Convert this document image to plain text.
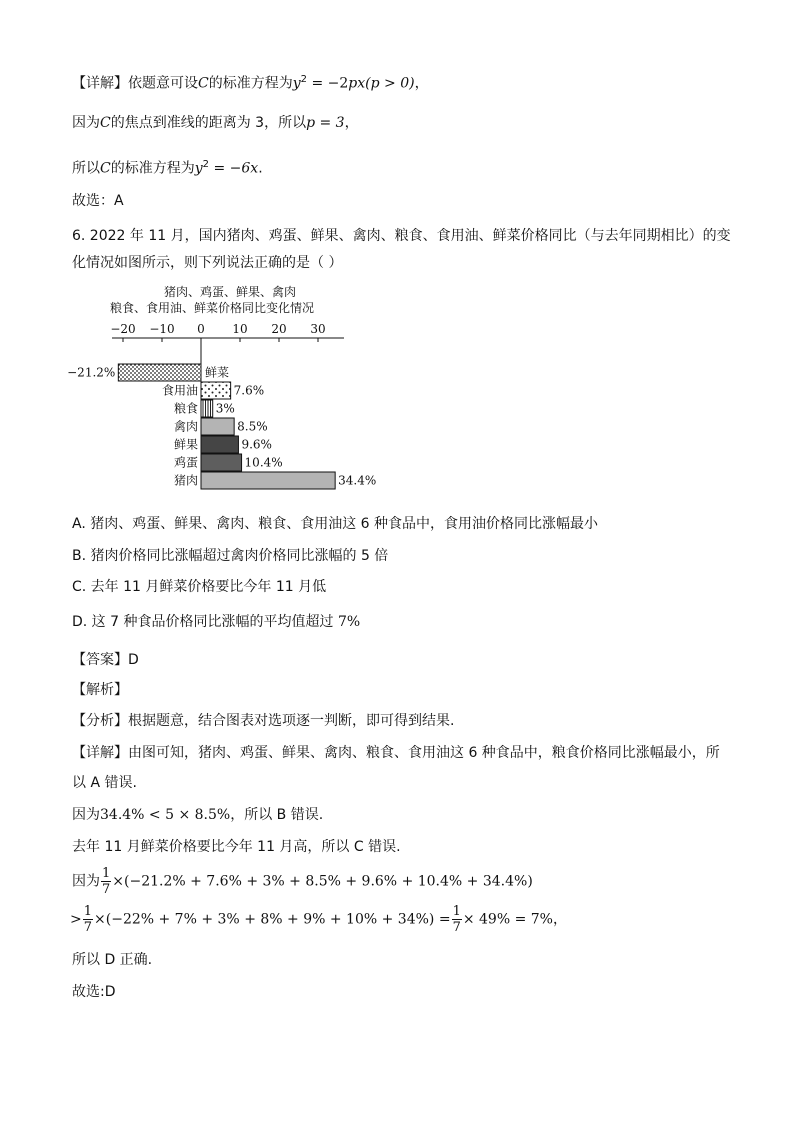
【详解】依题意可设C的标准方程为$y^2 = -2px(p > 0)$，
因为C的焦点到准线的距离为 3，所以p = 3，
所以C的标准方程为$y^2 = -6x$.
故选：A
6. 2022 年 11 月，国内猪肉、鸡蛋、鲜果、禽肉、粮食、食用油、鲜菜价格同比（与去年同期相比）的变
化情况如图所示，则下列说法正确的是（ ）
猪肉、鸡蛋、鲜果、禽肉
粮食、食用油、鲜菜价格同比变化情况
−20 −10 0 10 20 30
鲜菜
−21.2%
食用油	7.6%
粮食 3%
禽肉	8.5%
鲜果	9.6%
鸡蛋	10.4%
猪肉	34.4%
A. 猪肉、鸡蛋、鲜果、禽肉、粮食、食用油这 6 种食品中，食用油价格同比涨幅最小
B. 猪肉价格同比涨幅超过禽肉价格同比涨幅的 5 倍
C. 去年 11 月鲜菜价格要比今年 11 月低
D. 这 7 种食品价格同比涨幅的平均值超过 7%
【答案】D
【解析】
【分析】根据题意，结合图表对选项逐一判断，即可得到结果.
【详解】由图可知，猪肉、鸡蛋、鲜果、禽肉、粮食、食用油这 6 种食品中，粮食价格同比涨幅最小，所
以 A 错误.
因为34.4% < 5 × 8.5%，所以 B 错误.
去年 11 月鲜菜价格要比今年 11 月高，所以 C 错误.
因为 $\frac{1}{7} \times(-21.2\% + 7.6\% + 3\% + 8.5\% + 9.6\% + 10.4\% + 34.4\%)$
> $\frac{1}{7} \times(-22\% + 7\% + 3\% + 8\% + 9\% + 10\% + 34\%) = \frac{1}{7} \times 49\% = 7\%$，
所以 D 正确.
故选:D
